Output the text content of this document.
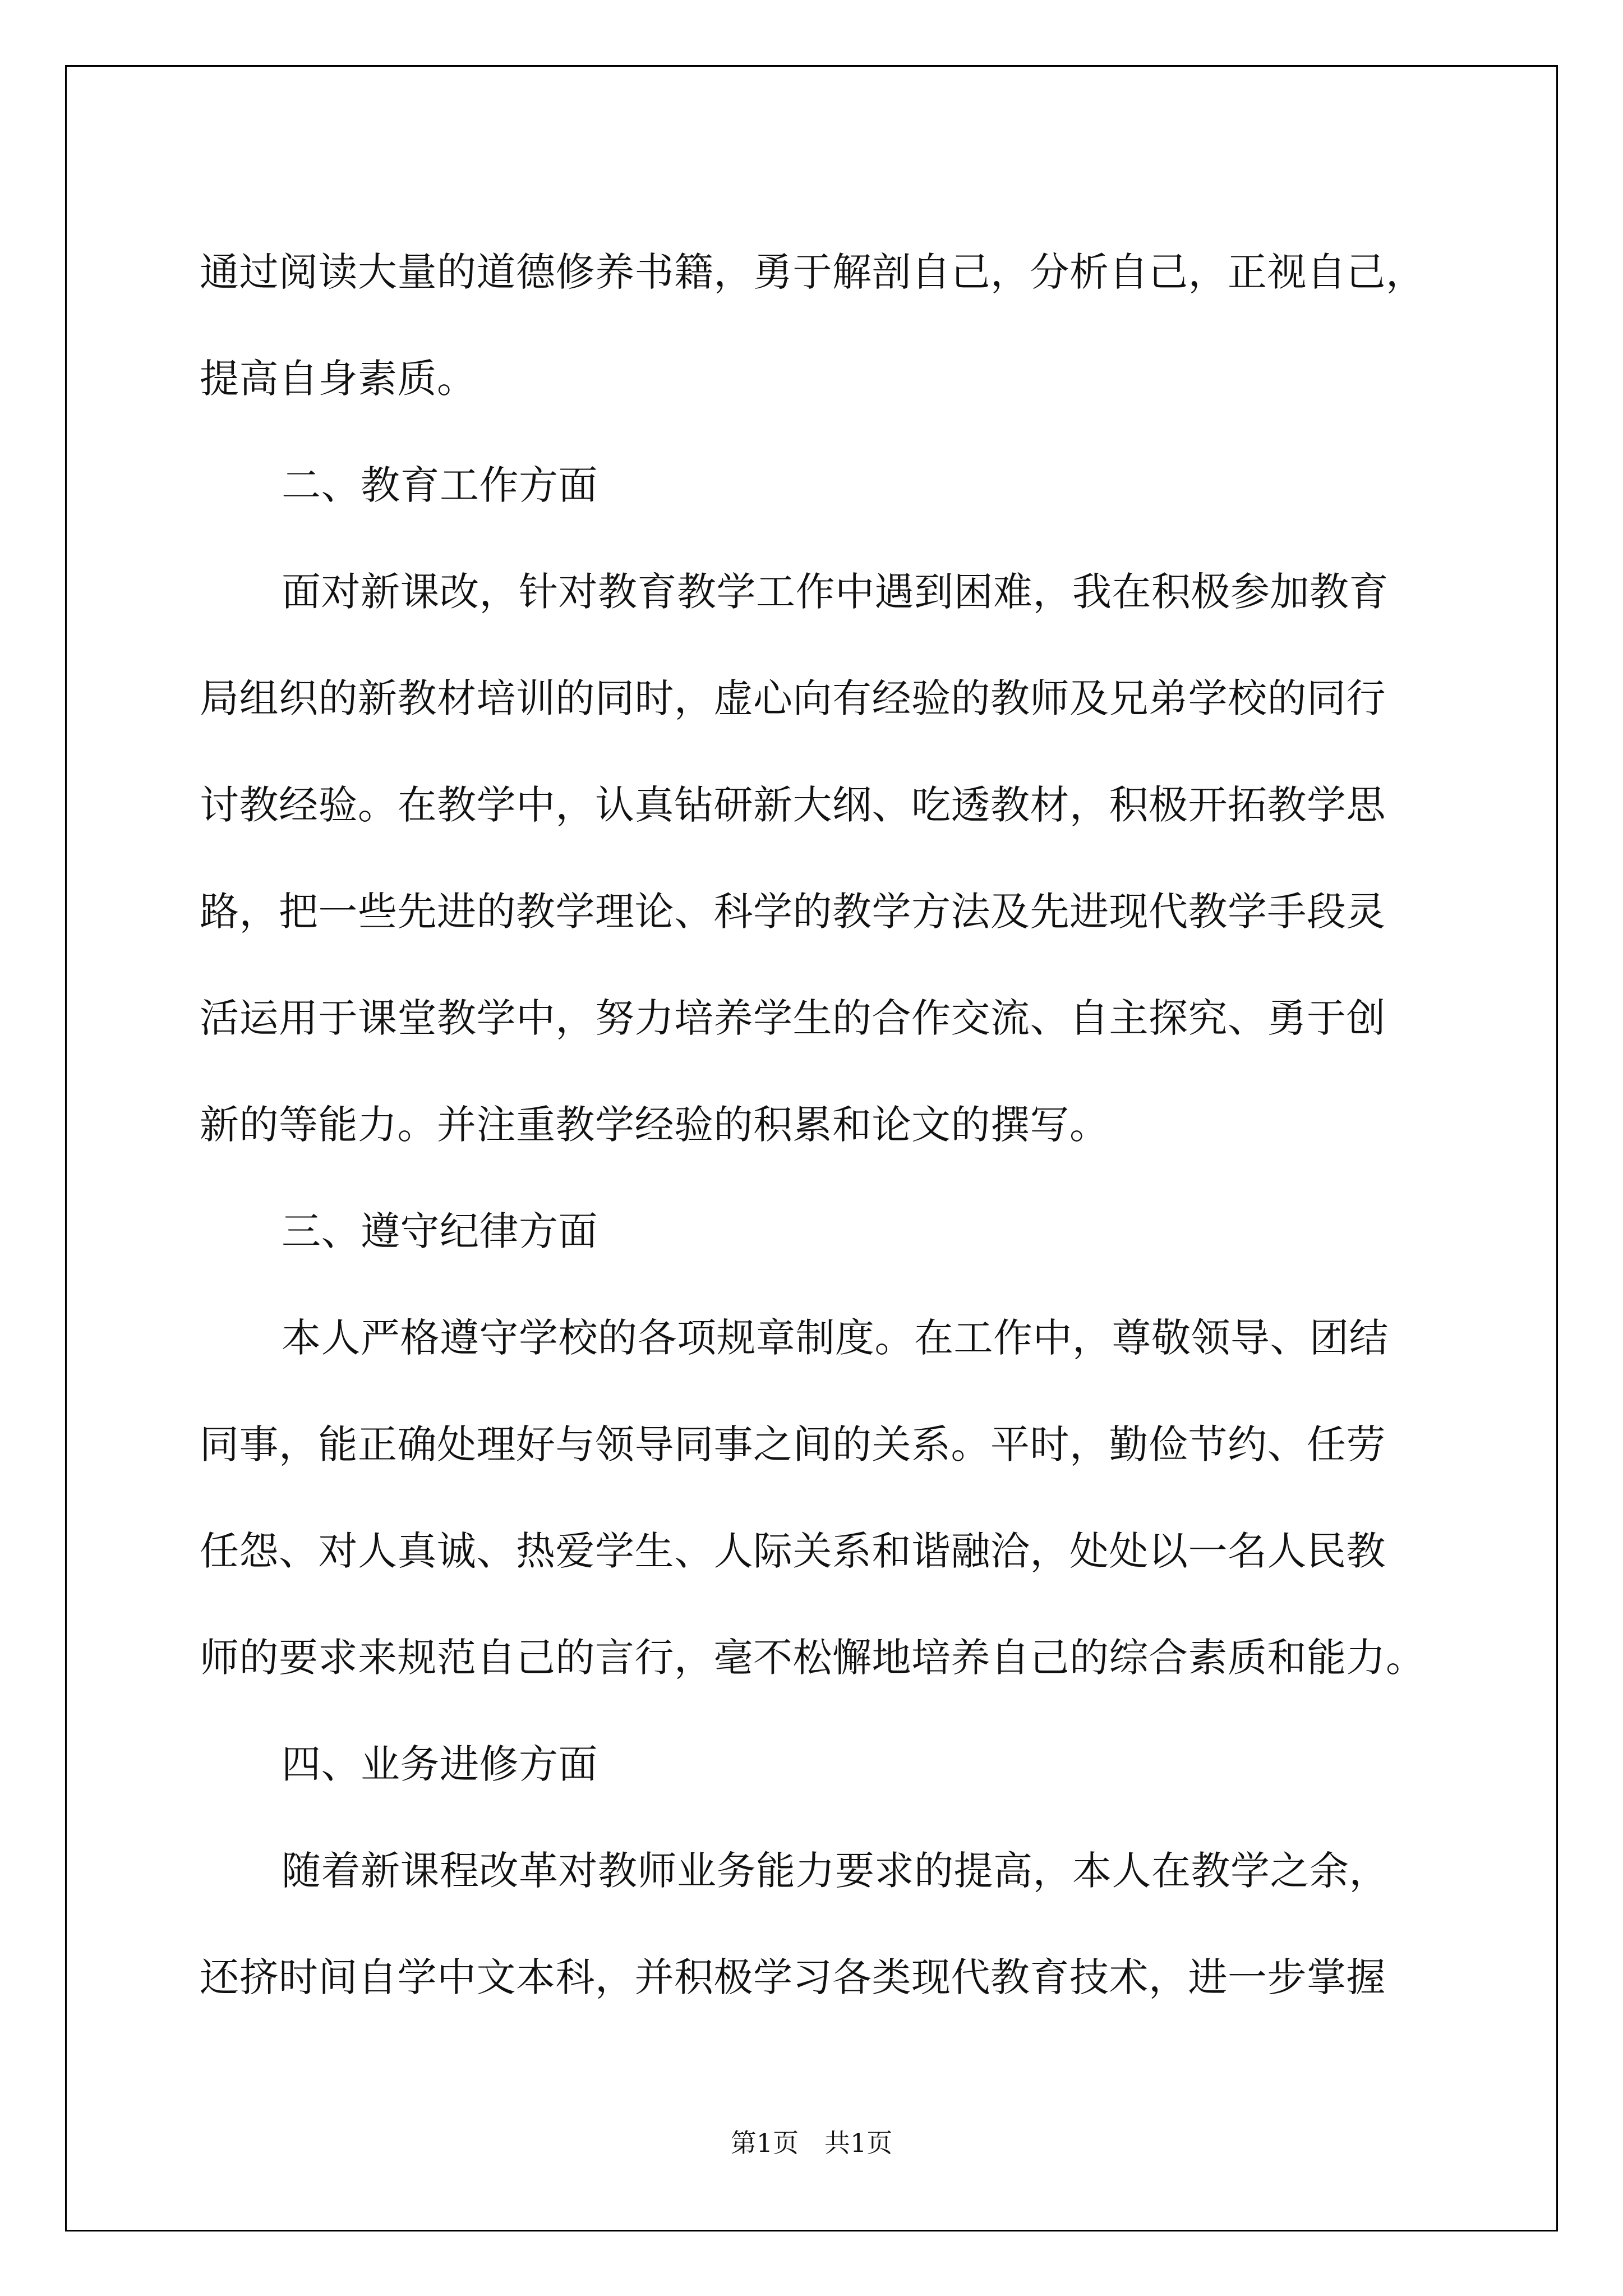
通过阅读大量的道德修养书籍，勇于解剖自己，分析自己，正视自己，
提高自身素质。
二、教育工作方面
面对新课改，针对教育教学工作中遇到困难，我在积极参加教育
局组织的新教材培训的同时，虚心向有经验的教师及兄弟学校的同行
讨教经验。在教学中，认真钻研新大纲、吃透教材，积极开拓教学思
路，把一些先进的教学理论、科学的教学方法及先进现代教学手段灵
活运用于课堂教学中，努力培养学生的合作交流、自主探究、勇于创
新的等能力。并注重教学经验的积累和论文的撰写。
三、遵守纪律方面
本人严格遵守学校的各项规章制度。在工作中，尊敬领导、团结
同事，能正确处理好与领导同事之间的关系。平时，勤俭节约、任劳
任怨、对人真诚、热爱学生、人际关系和谐融洽，处处以一名人民教
师的要求来规范自己的言行，毫不松懈地培养自己的综合素质和能力。
四、业务进修方面
随着新课程改革对教师业务能力要求的提高，本人在教学之余，
还挤时间自学中文本科，并积极学习各类现代教育技术，进一步掌握
第1页　共1页
